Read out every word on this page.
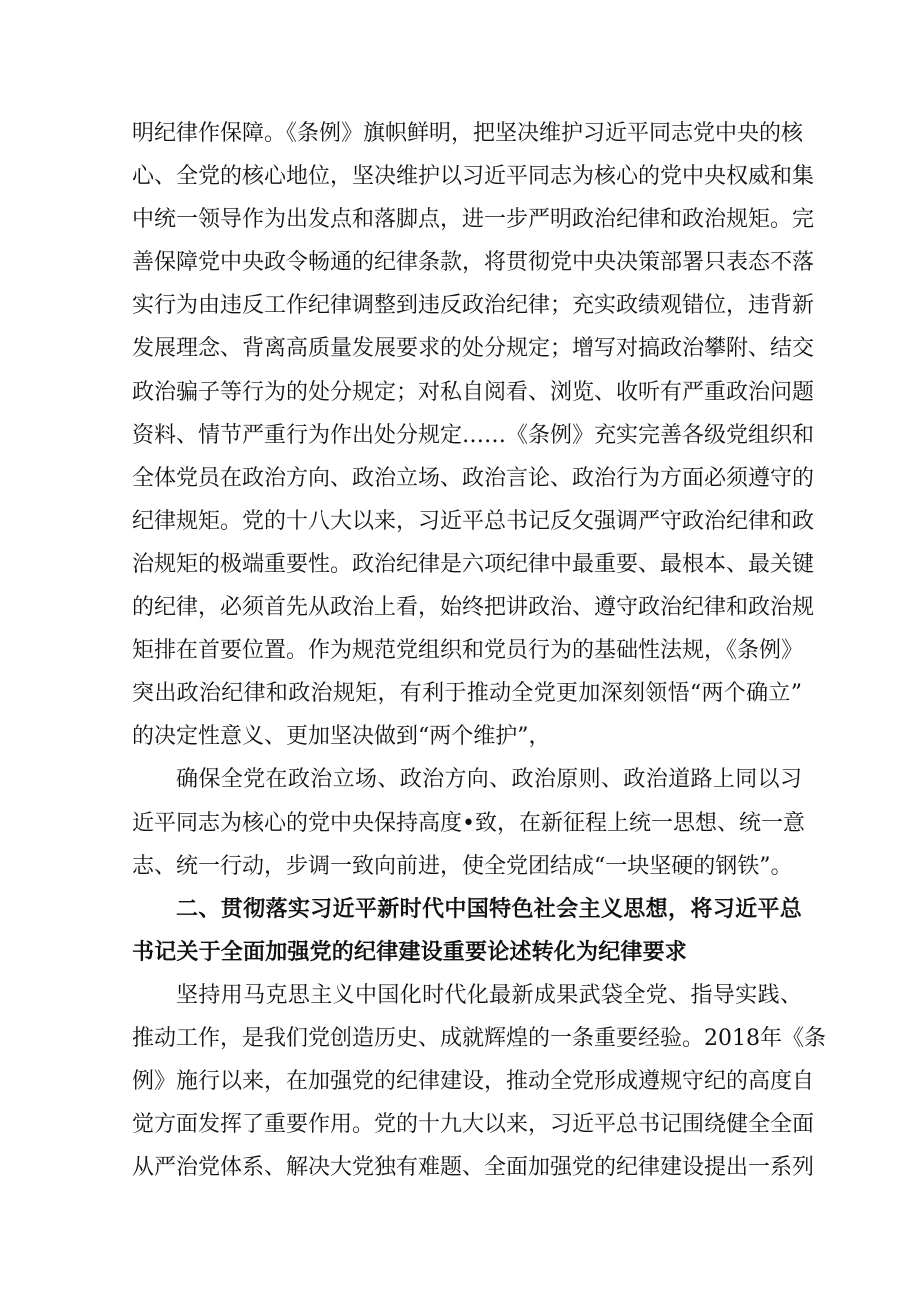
明纪律作保障。《条例》旗帜鲜明，把坚决维护习近平同志党中央的核
心、全党的核心地位，坚决维护以习近平同志为核心的党中央权威和集
中统一领导作为出发点和落脚点，进一步严明政治纪律和政治规矩。完
善保障党中央政令畅通的纪律条款，将贯彻党中央决策部署只表态不落
实行为由违反工作纪律调整到违反政治纪律；充实政绩观错位，违背新
发展理念、背离高质量发展要求的处分规定；增写对搞政治攀附、结交
政治骗子等行为的处分规定；对私自阅看、浏览、收听有严重政治问题
资料、情节严重行为作出处分规定……《条例》充实完善各级党组织和
全体党员在政治方向、政治立场、政治言论、政治行为方面必须遵守的
纪律规矩。党的十八大以来，习近平总书记反攵强调严守政治纪律和政
治规矩的极端重要性。政治纪律是六项纪律中最重要、最根本、最关键
的纪律，必须首先从政治上看，始终把讲政治、遵守政治纪律和政治规
矩排在首要位置。作为规范党组织和党员行为的基础性法规，《条例》
突出政治纪律和政治规矩，有利于推动全党更加深刻领悟“两个确立”
的决定性意义、更加坚决做到“两个维护”，
确保全党在政治立场、政治方向、政治原则、政治道路上同以习
近平同志为核心的党中央保持高度•致，在新征程上统一思想、统一意
志、统一行动，步调一致向前进，使全党团结成“一块坚硬的钢铁”。
二、贯彻落实习近平新时代中国特色社会主义思想，将习近平总
书记关于全面加强党的纪律建设重要论述转化为纪律要求
坚持用马克思主义中国化时代化最新成果武袋全党、指导实践、
推动工作，是我们党创造历史、成就辉煌的一条重要经验。2018年《条
例》施行以来，在加强党的纪律建设，推动全党形成遵规守纪的高度自
觉方面发挥了重要作用。党的十九大以来，习近平总书记围绕健全全面
从严治党体系、解决大党独有难题、全面加强党的纪律建设提出一系列
